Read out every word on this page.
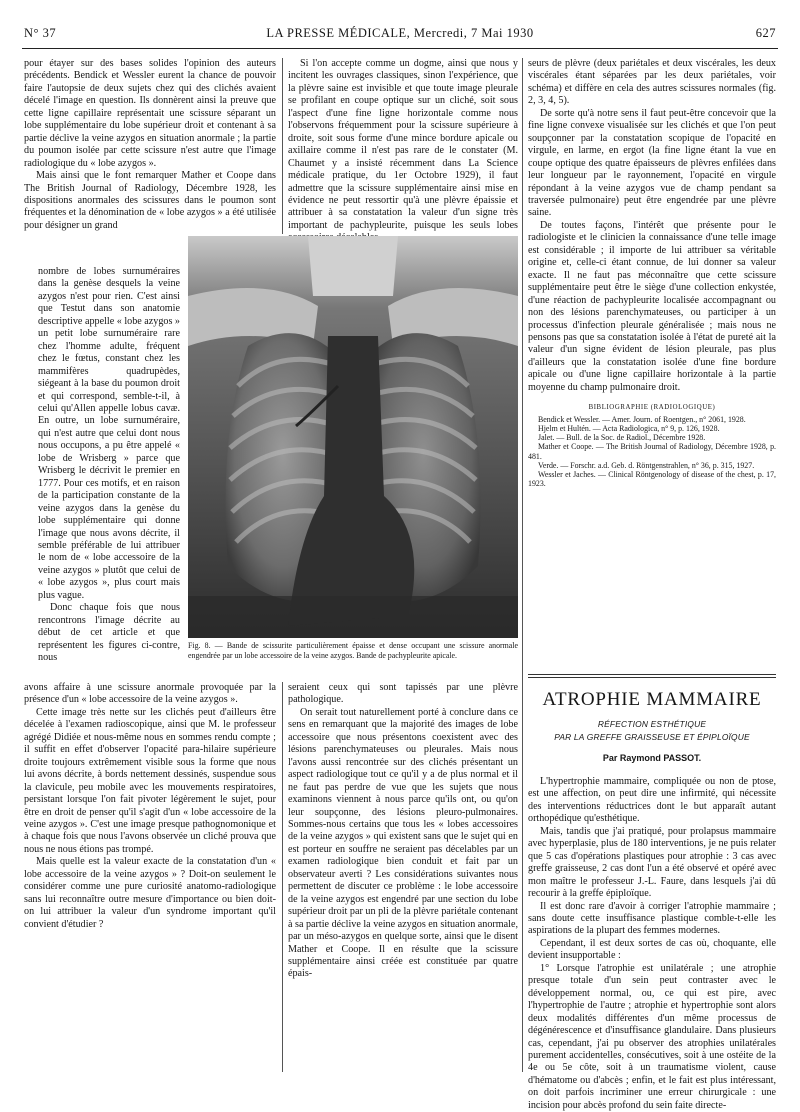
N° 37	LA PRESSE MÉDICALE, Mercredi, 7 Mai 1930	627

pour étayer sur des bases solides l'opinion des auteurs précédents. Bendick et Wessler eurent la chance de pouvoir faire l'autopsie de deux sujets chez qui des clichés avaient décelé l'image en question. Ils donnèrent ainsi la preuve que cette ligne capillaire représentait une scissure séparant un lobe supplémentaire du lobe supérieur droit et contenant à sa partie déclive la veine azygos en situation anormale ; la partie du poumon isolée par cette scissure n'est autre que l'image radiologique du « lobe azygos ».

Mais ainsi que le font remarquer Mather et Coope dans The British Journal of Radiology, Décembre 1928, les dispositions anormales des scissures dans le poumon sont fréquentes et la dénomination de « lobe azygos » a été utilisée pour désigner un grand

nombre de lobes surnuméraires dans la genèse desquels la veine azygos n'est pour rien. C'est ainsi que Testut dans son anatomie descriptive appelle « lobe azygos » un petit lobe surnuméraire rare chez l'homme adulte, fréquent chez le fœtus, constant chez les mammifères quadrupèdes, siégeant à la base du poumon droit et qui correspond, semble-t-il, à celui qu'Allen appelle lobus cavæ. En outre, un lobe surnuméraire, qui n'est autre que celui dont nous nous occupons, a pu être appelé « lobe de Wrisberg » parce que Wrisberg le décrivit le premier en 1777. Pour ces motifs, et en raison de la participation constante de la veine azygos dans la genèse du lobe supplémentaire qui donne l'image que nous avons décrite, il semble préférable de lui attribuer le nom de « lobe accessoire de la veine azygos » plutôt que celui de « lobe azygos », plus court mais plus vague.

Donc chaque fois que nous rencontrons l'image décrite au début de cet article et que représentent les figures ci-contre, nous

avons affaire à une scissure anormale provoquée par la présence d'un « lobe accessoire de la veine azygos ».

Cette image très nette sur les clichés peut d'ailleurs être décelée à l'examen radioscopique, ainsi que M. le professeur agrégé Didiée et nous-même nous en sommes rendu compte ; il suffit en effet d'observer l'opacité para-hilaire supérieure droite toujours extrêmement visible sous la forme que nous lui avons décrite, à bords nettement dessinés, suspendue sous la clavicule, peu mobile avec les mouvements respiratoires, persistant lorsque l'on fait pivoter légèrement le sujet, pour être en droit de penser qu'il s'agit d'un « lobe accessoire de la veine azygos ». C'est une image presque pathognomonique et à chaque fois que nous l'avons observée un cliché prouva que nous ne nous étions pas trompé.

Mais quelle est la valeur exacte de la constatation d'un « lobe accessoire de la veine azygos » ? Doit-on seulement le considérer comme une pure curiosité anatomo-radiologique sans lui reconnaître outre mesure d'importance ou bien doit-on lui attribuer la valeur d'un syndrome important qu'il convient d'étudier ?

Si l'on accepte comme un dogme, ainsi que nous y incitent les ouvrages classiques, sinon l'expérience, que la plèvre saine est invisible et que toute image pleurale se profilant en coupe optique sur un cliché, soit sous l'aspect d'une fine ligne horizontale comme nous l'observons fréquemment pour la scissure supérieure à droite, soit sous forme d'une mince bordure apicale ou axillaire comme il n'est pas rare de le constater (M. Chaumet y a insisté récemment dans La Science médicale pratique, du 1er Octobre 1929), il faut admettre que la scissure supplémentaire ainsi mise en évidence ne peut ressortir qu'à une plèvre épaissie et attribuer à sa constatation la valeur d'un signe très important de pachypleurite, puisque les seuls lobes

Fig. 8. — Bande de scissurite particulièrement épaisse et dense occupant une scissure anormale engendrée par un lobe accessoire de la veine azygos. Bande de pachypleurite apicale.

seraient ceux qui sont tapissés par une plèvre pathologique.

On serait tout naturellement porté à conclure dans ce sens en remarquant que la majorité des images de lobe accessoire que nous présentons coexistent avec des lésions parenchymateuses ou pleurales. Mais nous l'avons aussi rencontrée sur des clichés présentant un aspect radiologique tout ce qu'il y a de plus normal et il ne faut pas perdre de vue que les sujets que nous examinons viennent à nous parce qu'ils ont, ou qu'on leur soupçonne, des lésions pleuro-pulmonaires. Sommes-nous certains que tous les « lobes accessoires de la veine azygos » qui existent sans que le sujet qui en est porteur en souffre ne seraient pas décelables par un examen radiologique bien conduit et fait par un observateur averti ? Les considérations suivantes nous permettent de discuter ce problème : le lobe accessoire de la veine azygos est engendré par une section du lobe supérieur droit par un pli de la plèvre pariétale contenant à sa partie déclive la veine azygos en situation anormale, par un méso-azygos en quelque sorte, ainsi que le disent Mather et Coope. Il en résulte que la scissure supplémentaire ainsi créée est constituée par quatre épais-

seurs de plèvre (deux pariétales et deux viscérales, les deux viscérales étant séparées par les deux pariétales, voir schéma) et diffère en cela des autres scissures normales (fig. 2, 3, 4, 5).

De sorte qu'à notre sens il faut peut-être concevoir que la fine ligne convexe visualisée sur les clichés et que l'on peut soupçonner par la constatation scopique de l'opacité en virgule, en larme, en ergot (la fine ligne étant la vue en coupe optique des quatre épaisseurs de plèvres enfilées dans leur longueur par le rayonnement, l'opacité en virgule répondant à la veine azygos vue de champ pendant sa traversée pulmonaire) peut être engendrée par une plèvre saine.

De toutes façons, l'intérêt que présente pour le radiologiste et le clinicien la connaissance d'une telle image est considérable ; il importe de lui attribuer sa véritable origine et, celle-ci étant connue, de lui donner sa valeur exacte. Il ne faut pas méconnaître que cette scissure supplémentaire peut être le siège d'une collection enkystée, d'une réaction de pachypleurite localisée accompagnant ou non des lésions parenchymateuses, ou participer à un processus d'infection pleurale généralisée ; mais nous ne pensons pas que sa constatation isolée à l'état de pureté ait la valeur d'un signe évident de lésion pleurale, pas plus d'ailleurs que la constatation isolée d'une fine bordure apicale ou d'une ligne capillaire horizontale à la partie moyenne du champ pulmonaire droit.

BIBLIOGRAPHIE (RADIOLOGIQUE)

Bendick et Wessler. — Amer. Journ. of Roentgen., n° 2061, 1928.

Hjelm et Hultén. — Acta Radiologica, n° 9, p. 126, 1928.

Jalet. — Bull. de la Soc. de Radiol., Décembre 1928.

Mather et Coope. — The British Journal of Radiology, Décembre 1928, p. 481.

Verde. — Forschr. a.d. Geb. d. Röntgenstrahlen, n° 36, p. 315, 1927.

Wessler et Jaches. — Clinical Röntgenology of disease of the chest, p. 17, 1923.

ATROPHIE MAMMAIRE
RÉFECTION ESTHÉTIQUE
PAR LA GREFFE GRAISSEUSE ET ÉPIPLOÏQUE
Par Raymond PASSOT.

L'hypertrophie mammaire, compliquée ou non de ptose, est une affection, on peut dire une infirmité, qui nécessite des interventions réductrices dont le but apparaît autant orthopédique qu'esthétique.

Mais, tandis que j'ai pratiqué, pour prolapsus mammaire avec hyperplasie, plus de 180 interventions, je ne puis relater que 5 cas d'opérations plastiques pour atrophie : 3 cas avec greffe graisseuse, 2 cas dont l'un a été observé et opéré avec mon maître le professeur J.-L. Faure, dans lesquels j'ai dû recourir à la greffe épiploïque.

Il est donc rare d'avoir à corriger l'atrophie mammaire ; sans doute cette insuffisance plastique comble-t-elle les aspirations de la plupart des femmes modernes.

Cependant, il est deux sortes de cas où, choquante, elle devient insupportable :

1° Lorsque l'atrophie est unilatérale ; une atrophie presque totale d'un sein peut contraster avec le développement normal, ou, ce qui est pire, avec l'hypertrophie de l'autre ; atrophie et hypertrophie sont alors deux modalités différentes d'un même processus de dégénérescence et d'insuffisance glandulaire. Dans plusieurs cas, cependant, j'ai pu observer des atrophies unilatérales purement accidentelles, consécutives, soit à une ostéite de la 4e ou 5e côte, soit à un traumatisme violent, cause d'hématome ou d'abcès ; enfin, et le fait est plus intéressant, on doit parfois incriminer une erreur chirurgicale : une incision pour abcès profond du sein faite directe-
